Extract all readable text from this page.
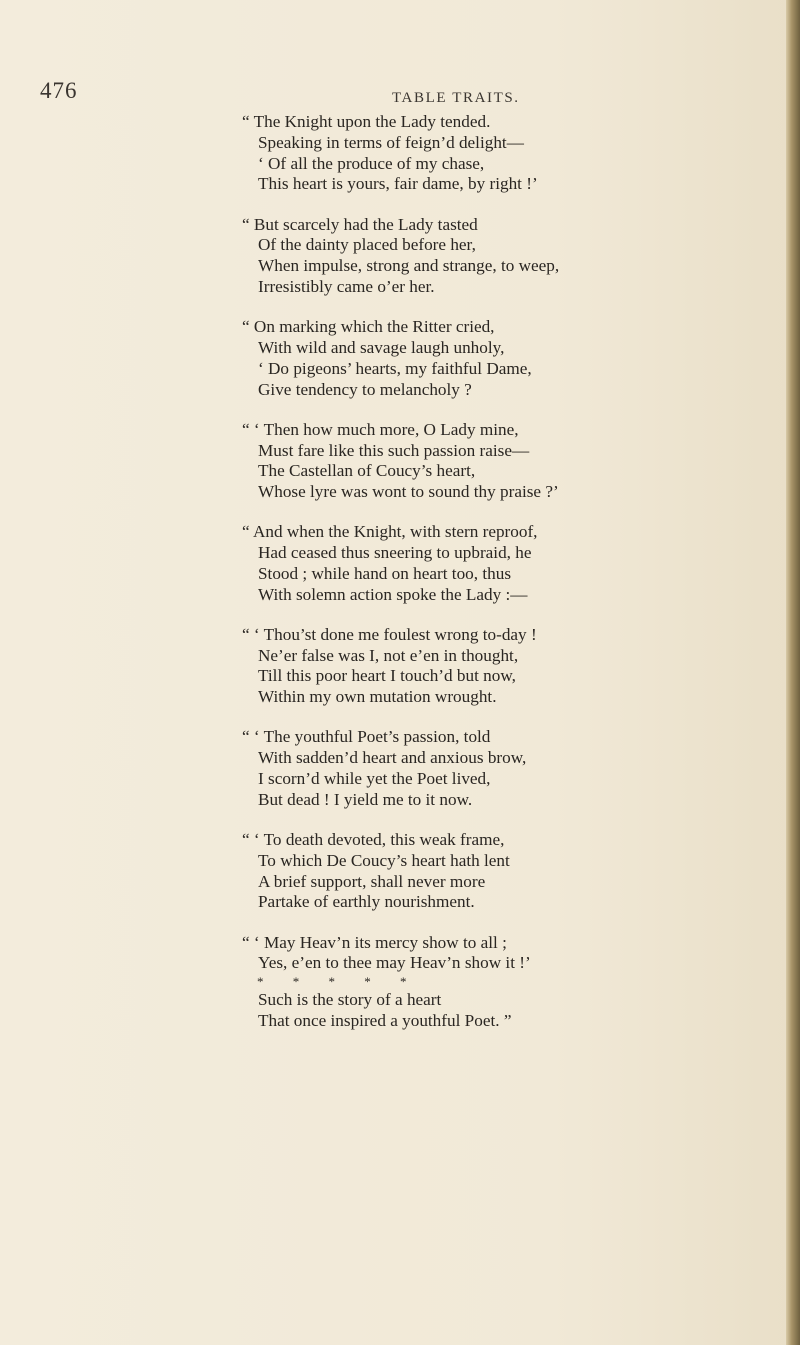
476	TABLE TRAITS.
“ The Knight upon the Lady tended.
Speaking in terms of feign’d delight—
‘ Of all the produce of my chase,
This heart is yours, fair dame, by right !’
“ But scarcely had the Lady tasted
Of the dainty placed before her,
When impulse, strong and strange, to weep,
Irresistibly came o’er her.
“ On marking which the Ritter cried,
With wild and savage laugh unholy,
‘ Do pigeons’ hearts, my faithful Dame,
Give tendency to melancholy ?
“ ‘ Then how much more, O Lady mine,
Must fare like this such passion raise—
The Castellan of Coucy’s heart,
Whose lyre was wont to sound thy praise ?’
“ And when the Knight, with stern reproof,
Had ceased thus sneering to upbraid, he
Stood ; while hand on heart too, thus
With solemn action spoke the Lady :—
“ ‘ Thou’st done me foulest wrong to-day !
Ne’er false was I, not e’en in thought,
Till this poor heart I touch’d but now,
Within my own mutation wrought.
“ ‘ The youthful Poet’s passion, told
With sadden’d heart and anxious brow,
I scorn’d while yet the Poet lived,
But dead ! I yield me to it now.
“ ‘ To death devoted, this weak frame,
To which De Coucy’s heart hath lent
A brief support, shall never more
Partake of earthly nourishment.
“ ‘ May Heav’n its mercy show to all ;
Yes, e’en to thee may Heav’n show it !’
* * * * *
Such is the story of a heart
That once inspired a youthful Poet. ”
